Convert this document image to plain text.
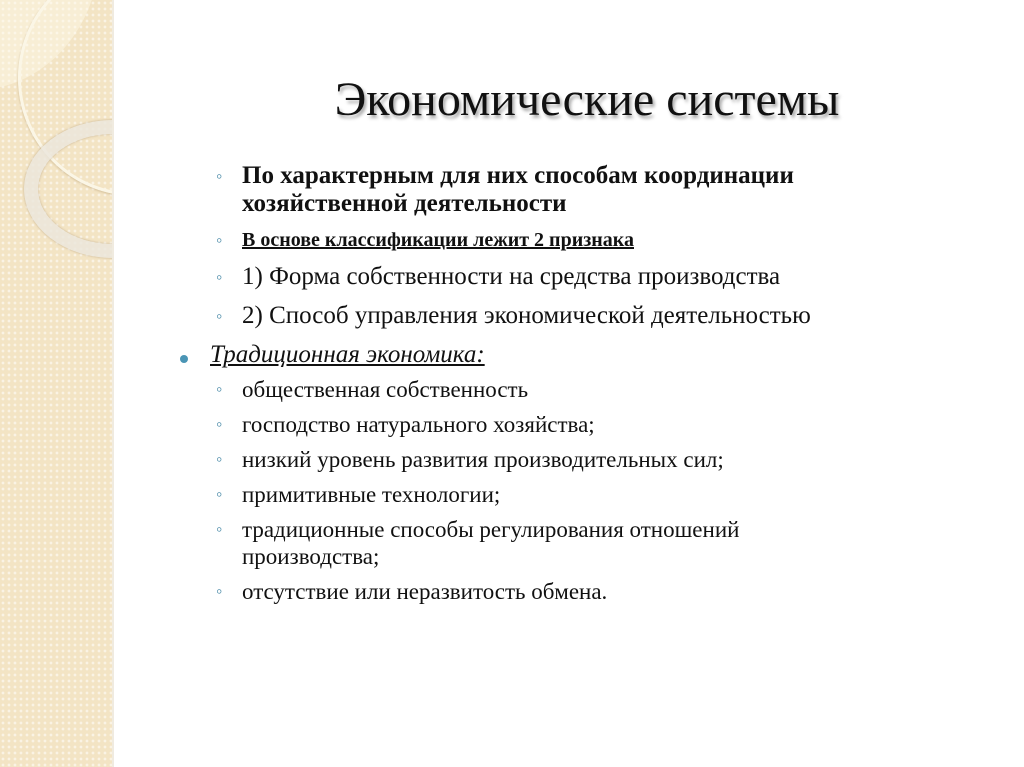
Экономические системы
◦ По характерным для них способам координации хозяйственной деятельности
◦ В основе классификации лежит 2 признака
◦ 1) Форма собственности на средства производства
◦ 2) Способ управления экономической деятельностью
Традиционная экономика:
◦ общественная собственность
◦ господство натурального хозяйства;
◦ низкий уровень развития производительных сил;
◦ примитивные технологии;
◦ традиционные способы регулирования отношений производства;
◦ отсутствие или неразвитость обмена.
